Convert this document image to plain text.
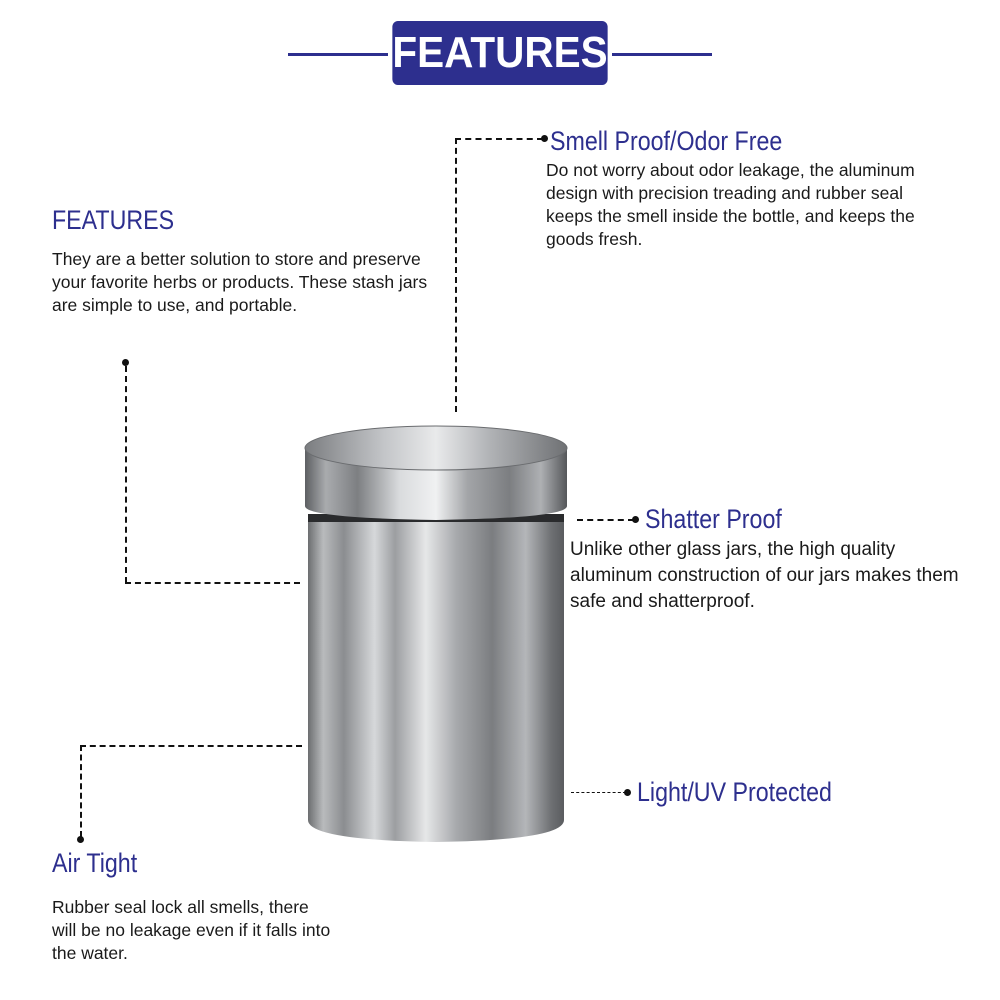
FEATURES
FEATURES
They are a better solution to store and preserve your favorite herbs or products. These stash jars are simple to use, and portable.
Smell Proof/Odor Free
Do not worry about odor leakage, the aluminum design with precision treading and rubber seal keeps the smell inside the bottle, and keeps the goods fresh.
Shatter Proof
Unlike other glass jars, the high quality aluminum construction of our jars makes them safe and shatterproof.
Light/UV Protected
Air Tight
Rubber seal lock all smells, there will be no leakage even if it falls into the water.
